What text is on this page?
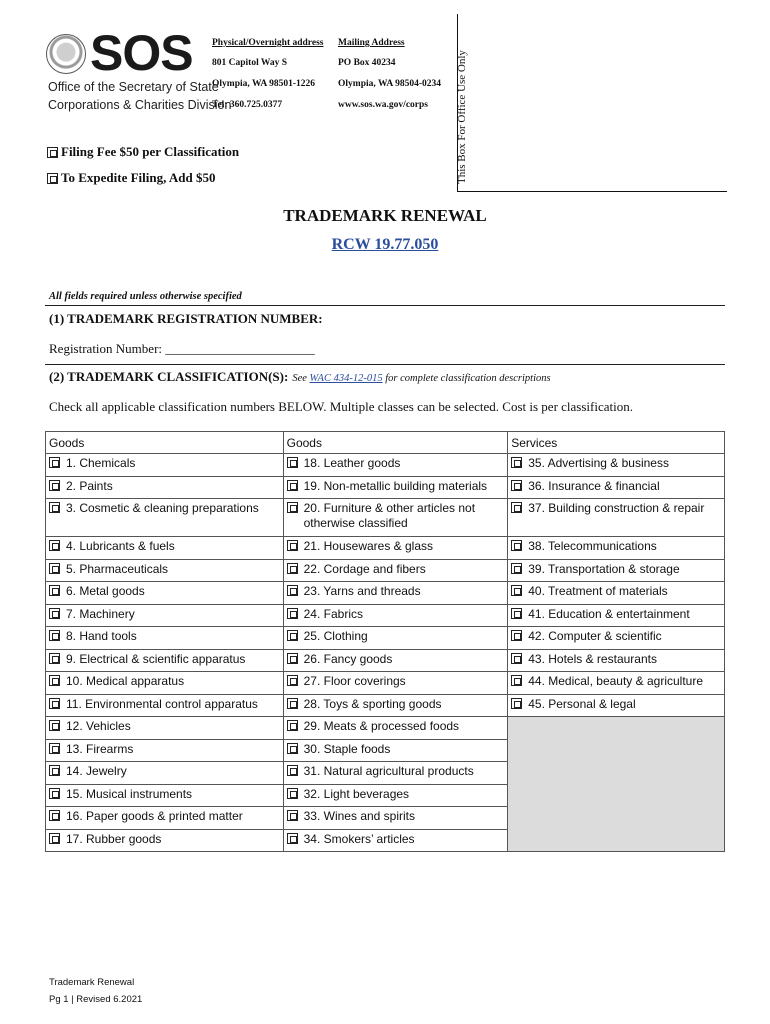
SOS
Office of the Secretary of State
Corporations & Charities Division
Physical/Overnight address
801 Capitol Way S
Olympia, WA 98501-1226
Tel: 360.725.0377
Mailing Address
PO Box 40234
Olympia, WA 98504-0234
www.sos.wa.gov/corps	This Box For Office Use Only
Filing Fee $50 per Classification
To Expedite Filing, Add $50
TRADEMARK RENEWAL
RCW 19.77.050
All fields required unless otherwise specified
(1) TRADEMARK REGISTRATION NUMBER:
Registration Number: _______________________
(2) TRADEMARK CLASSIFICATION(S): See WAC 434-12-015 for complete classification descriptions
Check all applicable classification numbers BELOW. Multiple classes can be selected. Cost is per classification.
Goods	Goods	Services

1. Chemicals	18. Leather goods	35. Advertising & business

2. Paints	19. Non-metallic building materials	36. Insurance & financial

3. Cosmetic & cleaning preparations	20. Furniture & other articles not otherwise classified	37. Building construction & repair

4. Lubricants & fuels	21. Housewares & glass	38. Telecommunications

5. Pharmaceuticals	22. Cordage and fibers	39. Transportation & storage

6. Metal goods	23. Yarns and threads	40. Treatment of materials

7. Machinery	24. Fabrics	41. Education & entertainment

8. Hand tools	25. Clothing	42. Computer & scientific

9. Electrical & scientific apparatus	26. Fancy goods	43. Hotels & restaurants

10. Medical apparatus	27. Floor coverings	44. Medical, beauty & agriculture

11. Environmental control apparatus	28. Toys & sporting goods	45. Personal & legal

12. Vehicles	29. Meats & processed foods	

13. Firearms	30. Staple foods	

14. Jewelry	31. Natural agricultural products	

15. Musical instruments	32. Light beverages	

16. Paper goods & printed matter	33. Wines and spirits	

17. Rubber goods	34. Smokers’ articles	
Trademark Renewal
Pg 1 | Revised 6.2021
